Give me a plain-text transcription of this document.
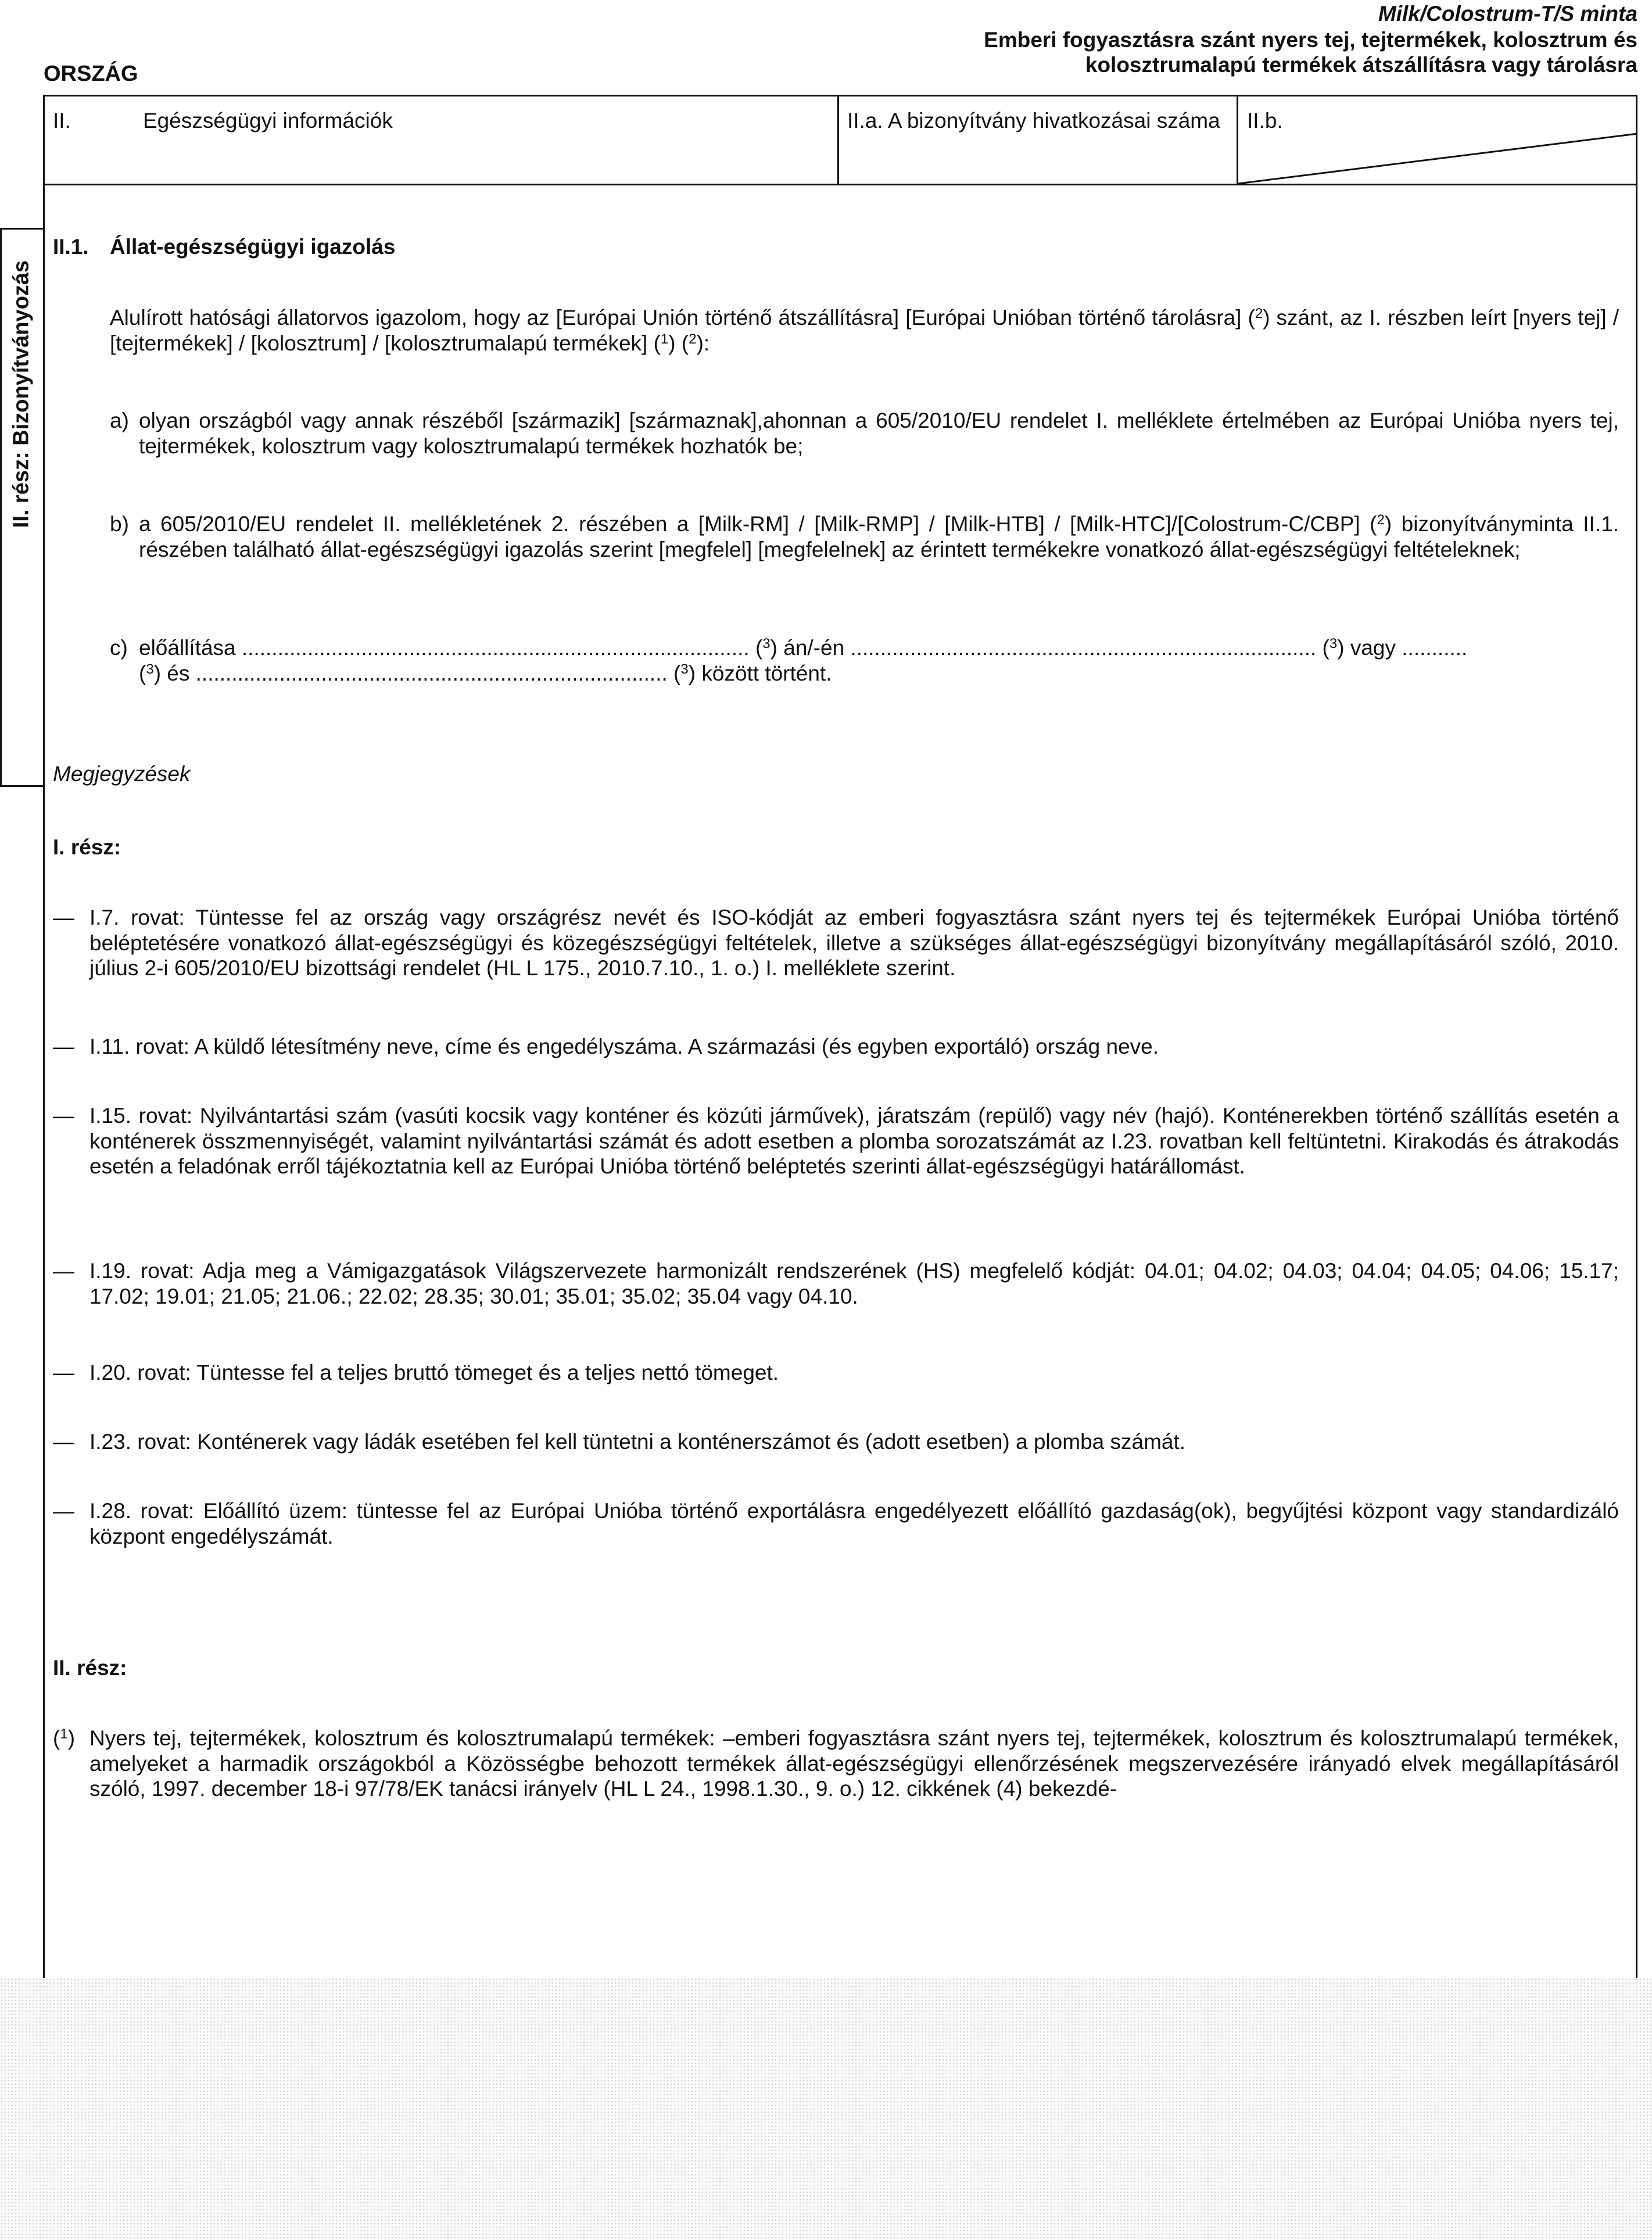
Milk/Colostrum-T/S minta
Emberi fogyasztásra szánt nyers tej, tejtermékek, kolosztrum és kolosztrumalapú termékek átszállításra vagy tárolásra
ORSZÁG
II.	Egészségügyi információk	II.a. A bizonyítvány hivatkozásai száma	II.b.
II. rész: Bizonyítványozás
II.1. Állat-egészségügyi igazolás
Alulírott hatósági állatorvos igazolom, hogy az [Európai Unión történő átszállításra] [Európai Unióban történő tárolásra] ($^2$) szánt, az I. részben leírt [nyers tej] / [tejtermékek] / [kolosztrum] / [kolosztrumalapú termékek] ($^1$) ($^2$):
a) olyan országból vagy annak részéből [származik] [származnak],ahonnan a 605/2010/EU rendelet I. melléklete értelmében az Európai Unióba nyers tej, tejtermékek, kolosztrum vagy kolosztrumalapú termékek hozhatók be;
b) a 605/2010/EU rendelet II. mellékletének 2. részében a [Milk-RM] / [Milk-RMP] / [Milk-HTB] / [Milk-HTC]/[Colostrum-C/CBP] ($^2$) bizonyítványminta II.1. részében található állat-egészségügyi igazolás szerint [megfelel] [megfelelnek] az érintett termékekre vonatkozó állat-egészségügyi feltételeknek;
c) előállítása ..................................................................................... ($^3$) án/-én .............................................................................. ($^3$) vagy ...........
($^3$) és ............................................................................... ($^3$) között történt.
Megjegyzések
I. rész:
— I.7. rovat: Tüntesse fel az ország vagy országrész nevét és ISO-kódját az emberi fogyasztásra szánt nyers tej és tejtermékek Európai Unióba történő beléptetésére vonatkozó állat-egészségügyi és közegészségügyi feltételek, illetve a szükséges állat-egészségügyi bizonyítvány megállapításáról szóló, 2010. július 2-i 605/2010/EU bizottsági rendelet (HL L 175., 2010.7.10., 1. o.) I. melléklete szerint.
— I.11. rovat: A küldő létesítmény neve, címe és engedélyszáma. A származási (és egyben exportáló) ország neve.
— I.15. rovat: Nyilvántartási szám (vasúti kocsik vagy konténer és közúti járművek), járatszám (repülő) vagy név (hajó). Konténerekben történő szállítás esetén a konténerek összmennyiségét, valamint nyilvántartási számát és adott esetben a plomba sorozatszámát az I.23. rovatban kell feltüntetni. Kirakodás és átrakodás esetén a feladónak erről tájékoztatnia kell az Európai Unióba történő beléptetés szerinti állat-egészségügyi határállomást.
— I.19. rovat: Adja meg a Vámigazgatások Világszervezete harmonizált rendszerének (HS) megfelelő kódját: 04.01; 04.02; 04.03; 04.04; 04.05; 04.06; 15.17; 17.02; 19.01; 21.05; 21.06.; 22.02; 28.35; 30.01; 35.01; 35.02; 35.04 vagy 04.10.
— I.20. rovat: Tüntesse fel a teljes bruttó tömeget és a teljes nettó tömeget.
— I.23. rovat: Konténerek vagy ládák esetében fel kell tüntetni a konténerszámot és (adott esetben) a plomba számát.
— I.28. rovat: Előállító üzem: tüntesse fel az Európai Unióba történő exportálásra engedélyezett előállító gazdaság(ok), begyűjtési központ vagy standardizáló központ engedélyszámát.
II. rész:
($^1$) Nyers tej, tejtermékek, kolosztrum és kolosztrumalapú termékek: –emberi fogyasztásra szánt nyers tej, tejtermékek, kolosztrum és kolosztrumalapú termékek, amelyeket a harmadik országokból a Közösségbe behozott termékek állat-egészségügyi ellenőrzésének megszervezésére irányadó elvek megállapításáról szóló, 1997. december 18-i 97/78/EK tanácsi irányelv (HL L 24., 1998.1.30., 9. o.) 12. cikkének (4) bekezdé-
